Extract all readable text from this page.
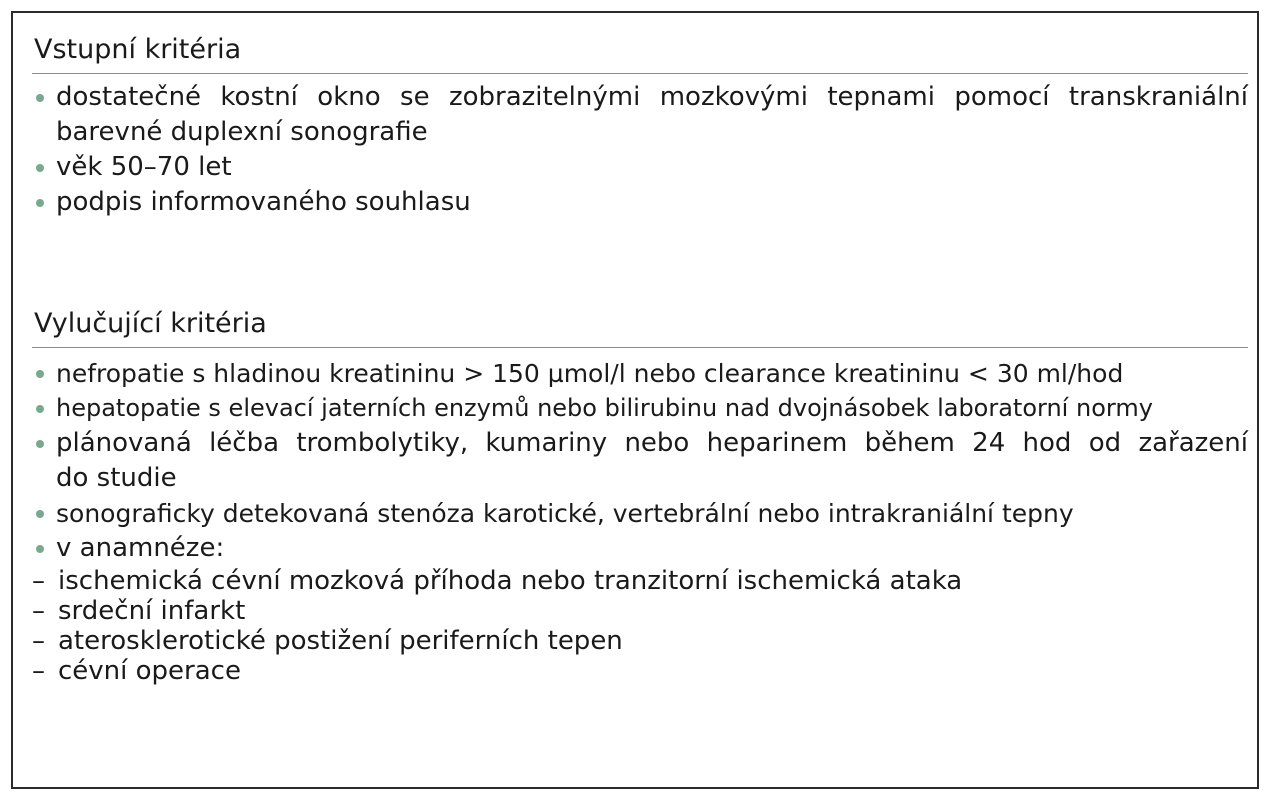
Vstupní kritéria
dostatečné kostní okno se zobrazitelnými mozkovými tepnami pomocí transkraniální
barevné duplexní sonografie
věk 50–70 let
podpis informovaného souhlasu
Vylučující kritéria
nefropatie s hladinou kreatininu > 150 µmol/l nebo clearance kreatininu < 30 ml/hod
hepatopatie s elevací jaterních enzymů nebo bilirubinu nad dvojnásobek laboratorní normy
plánovaná léčba trombolytiky, kumariny nebo heparinem během 24 hod od zařazení
do studie
sonograficky detekovaná stenóza karotické, vertebrální nebo intrakraniální tepny
v anamnéze:
– ischemická cévní mozková příhoda nebo tranzitorní ischemická ataka
– srdeční infarkt
– aterosklerotické postižení periferních tepen
– cévní operace
